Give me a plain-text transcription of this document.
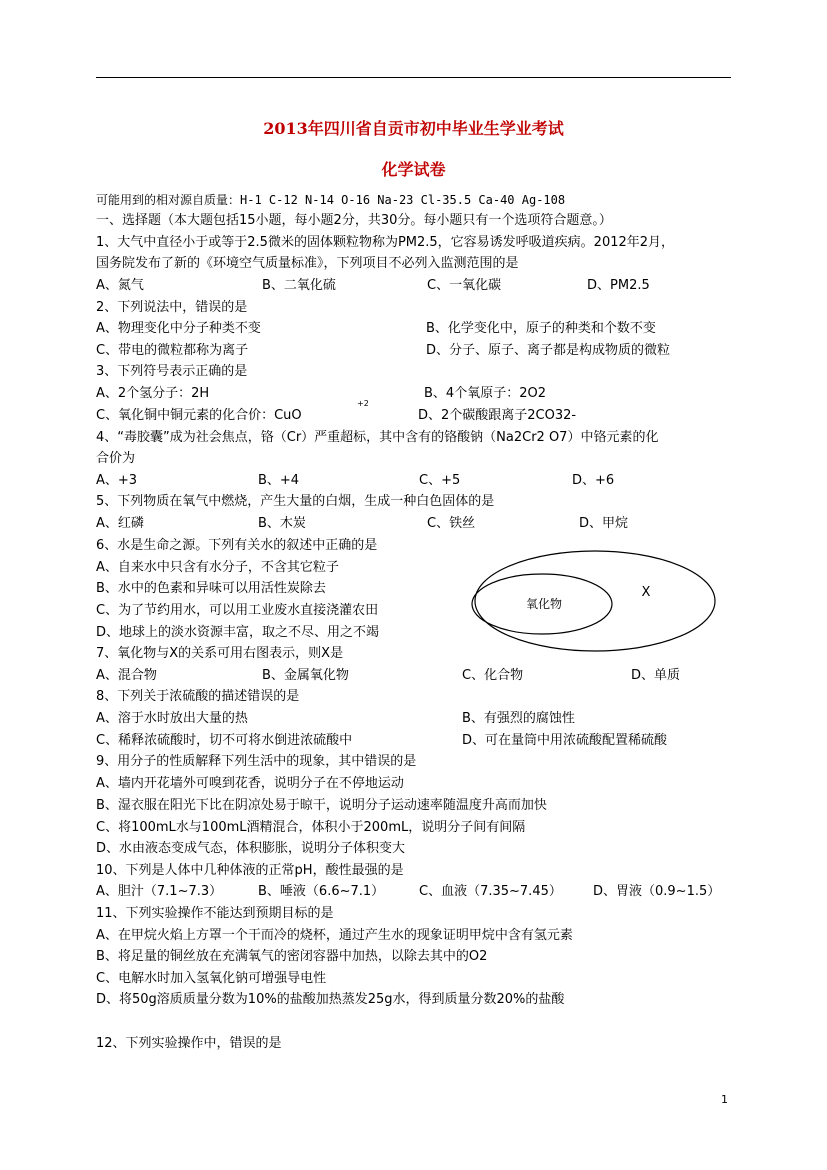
2013年四川省自贡市初中毕业生学业考试
化学试卷
可能用到的相对源自质量：H-1 C-12 N-14 O-16 Na-23 Cl-35.5 Ca-40 Ag-108
一、选择题（本大题包括15小题，每小题2分，共30分。每小题只有一个选项符合题意。）
1、大气中直径小于或等于2.5微米的固体颗粒物称为PM2.5，它容易诱发呼吸道疾病。2012年2月，
国务院发布了新的《环境空气质量标准》，下列项目不必列入监测范围的是
A、氮气	B、二氧化硫	C、一氧化碳	D、PM2.5
2、下列说法中，错误的是
A、物理变化中分子种类不变	B、化学变化中，原子的种类和个数不变
C、带电的微粒都称为离子	D、分子、原子、离子都是构成物质的微粒
3、下列符号表示正确的是
A、2个氢分子：2H	B、4个氧原子：2O2
+2
C、氧化铜中铜元素的化合价：CuO	D、2个碳酸跟离子2CO32-
4、“毒胶囊”成为社会焦点，铬（Cr）严重超标，其中含有的铬酸钠（Na2Cr2 O7）中铬元素的化
合价为
A、+3	B、+4	C、+5	D、+6
5、下列物质在氧气中燃烧，产生大量的白烟，生成一种白色固体的是
A、红磷	B、木炭	C、铁丝	D、甲烷
6、水是生命之源。下列有关水的叙述中正确的是
A、自来水中只含有水分子，不含其它粒子
B、水中的色素和异味可以用活性炭除去
C、为了节约用水，可以用工业废水直接浇灌农田
D、地球上的淡水资源丰富，取之不尽、用之不竭
氧化物
X
7、氧化物与X的关系可用右图表示，则X是
A、混合物	B、金属氧化物	C、化合物	D、单质
8、下列关于浓硫酸的描述错误的是
A、溶于水时放出大量的热	B、有强烈的腐蚀性
C、稀释浓硫酸时，切不可将水倒进浓硫酸中	D、可在量筒中用浓硫酸配置稀硫酸
9、用分子的性质解释下列生活中的现象，其中错误的是
A、墙内开花墙外可嗅到花香，说明分子在不停地运动
B、湿衣服在阳光下比在阴凉处易于晾干，说明分子运动速率随温度升高而加快
C、将100mL水与100mL酒精混合，体积小于200mL，说明分子间有间隔
D、水由液态变成气态，体积膨胀，说明分子体积变大
10、下列是人体中几种体液的正常pH，酸性最强的是
A、胆汁（7.1~7.3）	B、唾液（6.6~7.1）	C、血液（7.35~7.45） D、胃液（0.9~1.5）
11、下列实验操作不能达到预期目标的是
A、在甲烷火焰上方罩一个干而冷的烧杯，通过产生水的现象证明甲烷中含有氢元素
B、将足量的铜丝放在充满氧气的密闭容器中加热，以除去其中的O2
C、电解水时加入氢氧化钠可增强导电性
D、将50g溶质质量分数为10%的盐酸加热蒸发25g水，得到质量分数20%的盐酸
12、下列实验操作中，错误的是
1
